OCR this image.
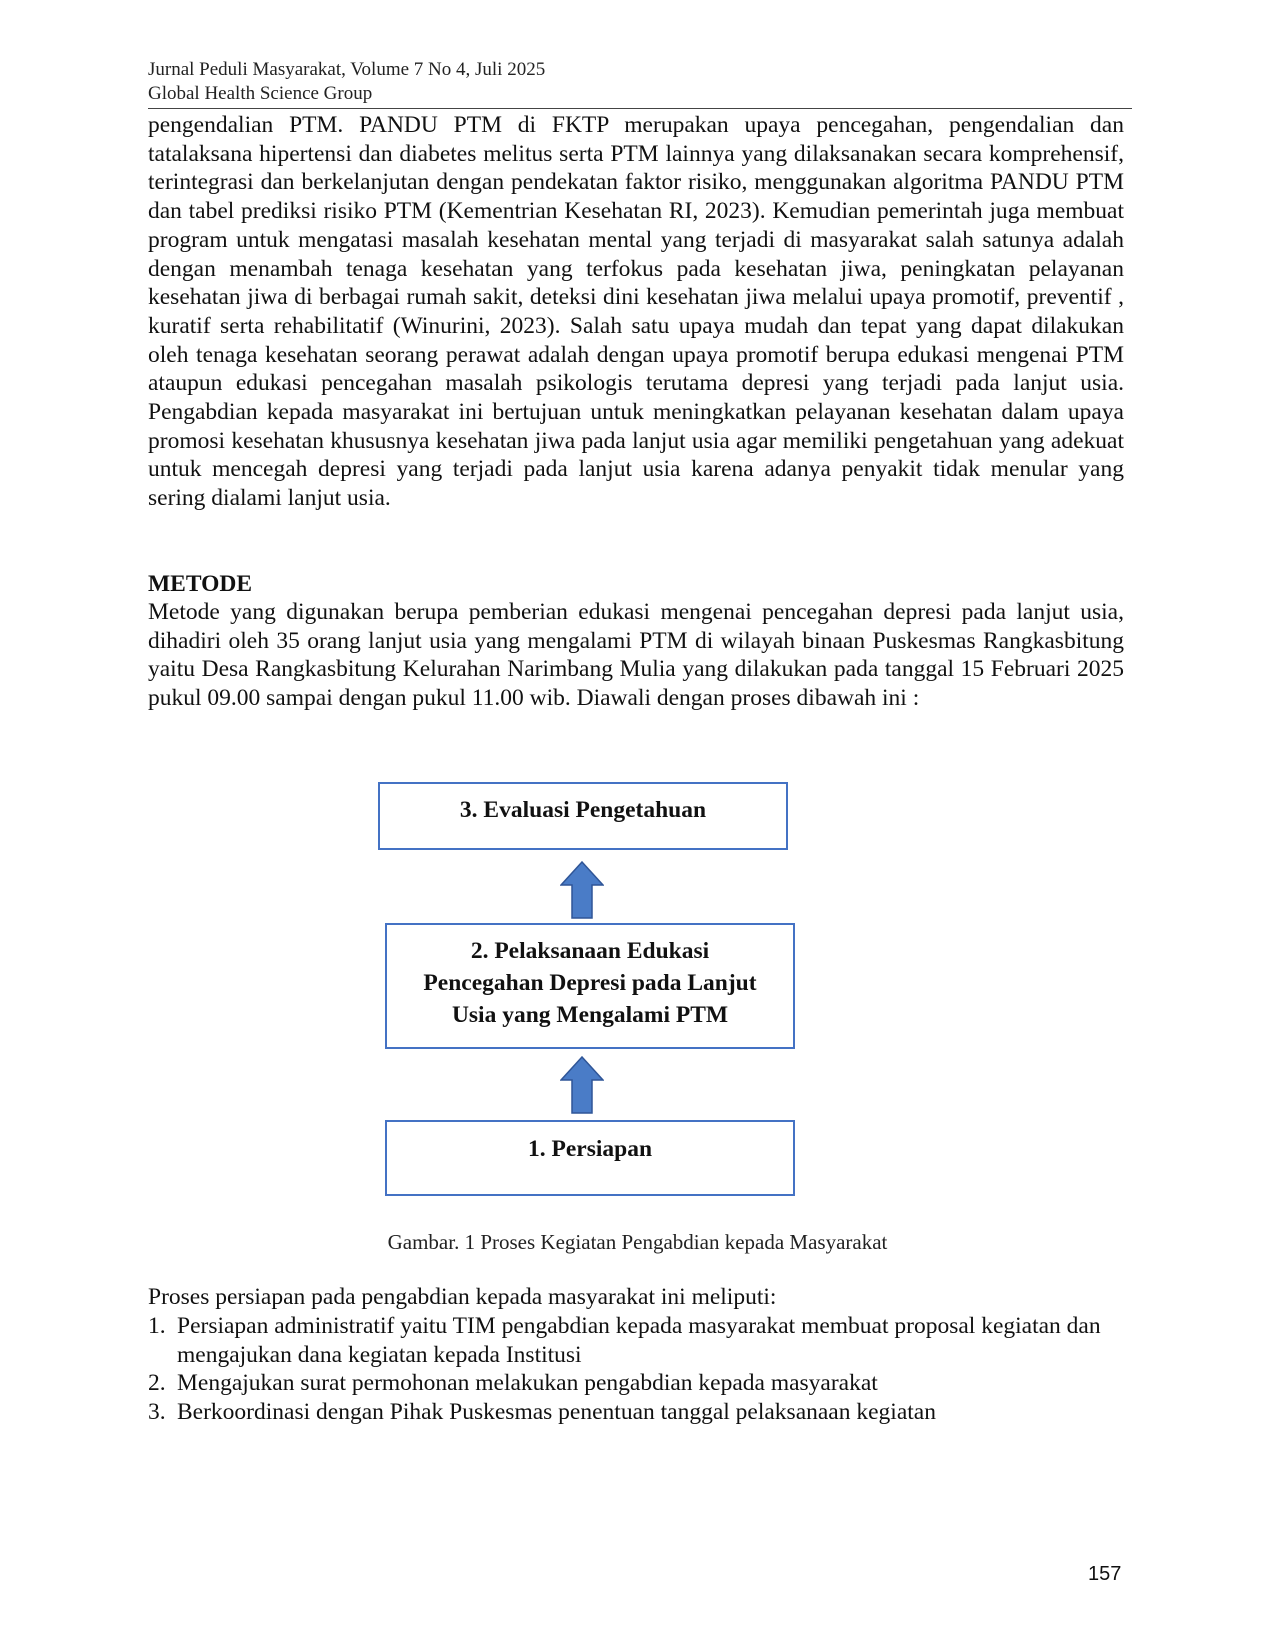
Jurnal Peduli Masyarakat, Volume 7 No 4, Juli 2025
Global Health Science Group

pengendalian PTM. PANDU PTM di FKTP merupakan upaya pencegahan, pengendalian dan tatalaksana hipertensi dan diabetes melitus serta PTM lainnya yang dilaksanakan secara komprehensif, terintegrasi dan berkelanjutan dengan pendekatan faktor risiko, menggunakan algoritma PANDU PTM dan tabel prediksi risiko PTM (Kementrian Kesehatan RI, 2023). Kemudian pemerintah juga membuat program untuk mengatasi masalah kesehatan mental yang terjadi di masyarakat salah satunya adalah dengan menambah tenaga kesehatan yang terfokus pada kesehatan jiwa, peningkatan pelayanan kesehatan jiwa di berbagai rumah sakit, deteksi dini kesehatan jiwa melalui upaya promotif, preventif , kuratif serta rehabilitatif (Winurini, 2023). Salah satu upaya mudah dan tepat yang dapat dilakukan oleh tenaga kesehatan seorang perawat adalah dengan upaya promotif berupa edukasi mengenai PTM ataupun edukasi pencegahan masalah psikologis terutama depresi yang terjadi pada lanjut usia. Pengabdian kepada masyarakat ini bertujuan untuk meningkatkan pelayanan kesehatan dalam upaya promosi kesehatan khususnya kesehatan jiwa pada lanjut usia agar memiliki pengetahuan yang adekuat untuk mencegah depresi yang terjadi pada lanjut usia karena adanya penyakit tidak menular yang sering dialami lanjut usia.

METODE

Metode yang digunakan berupa pemberian edukasi mengenai pencegahan depresi pada lanjut usia, dihadiri oleh 35 orang lanjut usia yang mengalami PTM di wilayah binaan Puskesmas Rangkasbitung yaitu Desa Rangkasbitung Kelurahan Narimbang Mulia yang dilakukan pada tanggal 15 Februari 2025 pukul 09.00 sampai dengan pukul 11.00 wib. Diawali dengan proses dibawah ini :

3. Evaluasi Pengetahuan
2. Pelaksanaan Edukasi Pencegahan Depresi pada Lanjut Usia yang Mengalami PTM
1. Persiapan
Gambar. 1 Proses Kegiatan Pengabdian kepada Masyarakat
Proses persiapan pada pengabdian kepada masyarakat ini meliputi:
1. Persiapan administratif yaitu TIM pengabdian kepada masyarakat membuat proposal kegiatan dan mengajukan dana kegiatan kepada Institusi
2. Mengajukan surat permohonan melakukan pengabdian kepada masyarakat
3. Berkoordinasi dengan Pihak Puskesmas penentuan tanggal pelaksanaan kegiatan
157
